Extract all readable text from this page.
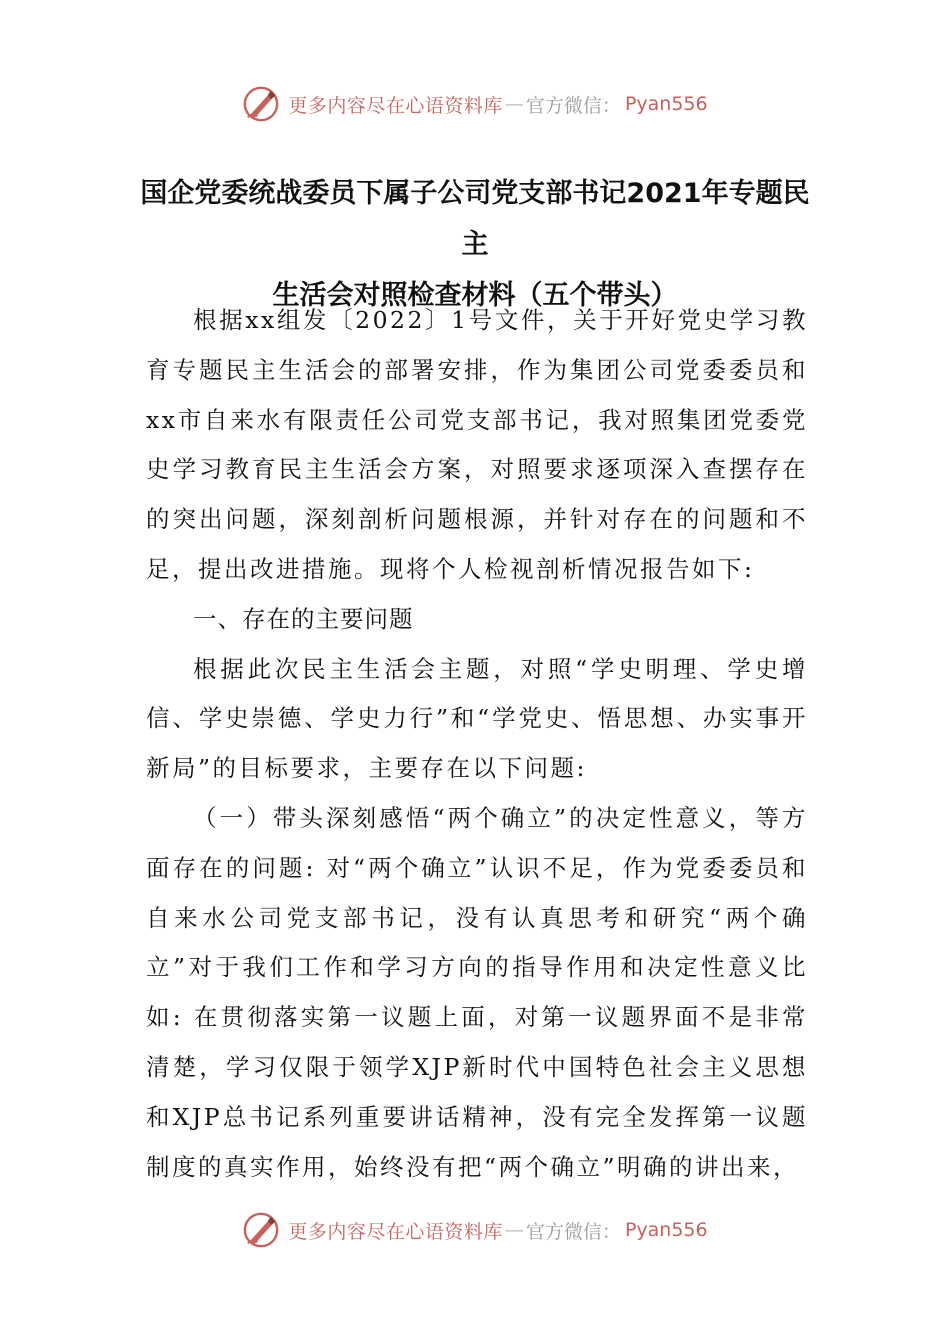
更多内容尽在心语资料库 — 官方微信： Pyan556
国企党委统战委员下属子公司党支部书记2021年专题民主
生活会对照检查材料（五个带头）

根据xx组发〔2022〕1号文件，关于开好党史学习教育专题民主生活会的部署安排，作为集团公司党委委员和xx市自来水有限责任公司党支部书记，我对照集团党委党史学习教育民主生活会方案，对照要求逐项深入查摆存在的突出问题，深刻剖析问题根源，并针对存在的问题和不足，提出改进措施。现将个人检视剖析情况报告如下:

一、存在的主要问题

根据此次民主生活会主题，对照“学史明理、学史增信、学史崇德、学史力行”和“学党史、悟思想、办实事开新局”的目标要求，主要存在以下问题:

（一）带头深刻感悟“两个确立”的决定性意义，等方面存在的问题: 对“两个确立”认识不足，作为党委委员和自来水公司党支部书记，没有认真思考和研究“两个确立”对于我们工作和学习方向的指导作用和决定性意义比如: 在贯彻落实第一议题上面，对第一议题界面不是非常清楚，学习仅限于领学XJP新时代中国特色社会主义思想和XJP总书记系列重要讲话精神，没有完全发挥第一议题制度的真实作用，始终没有把“两个确立”明确的讲出来，

更多内容尽在心语资料库 — 官方微信： Pyan556
